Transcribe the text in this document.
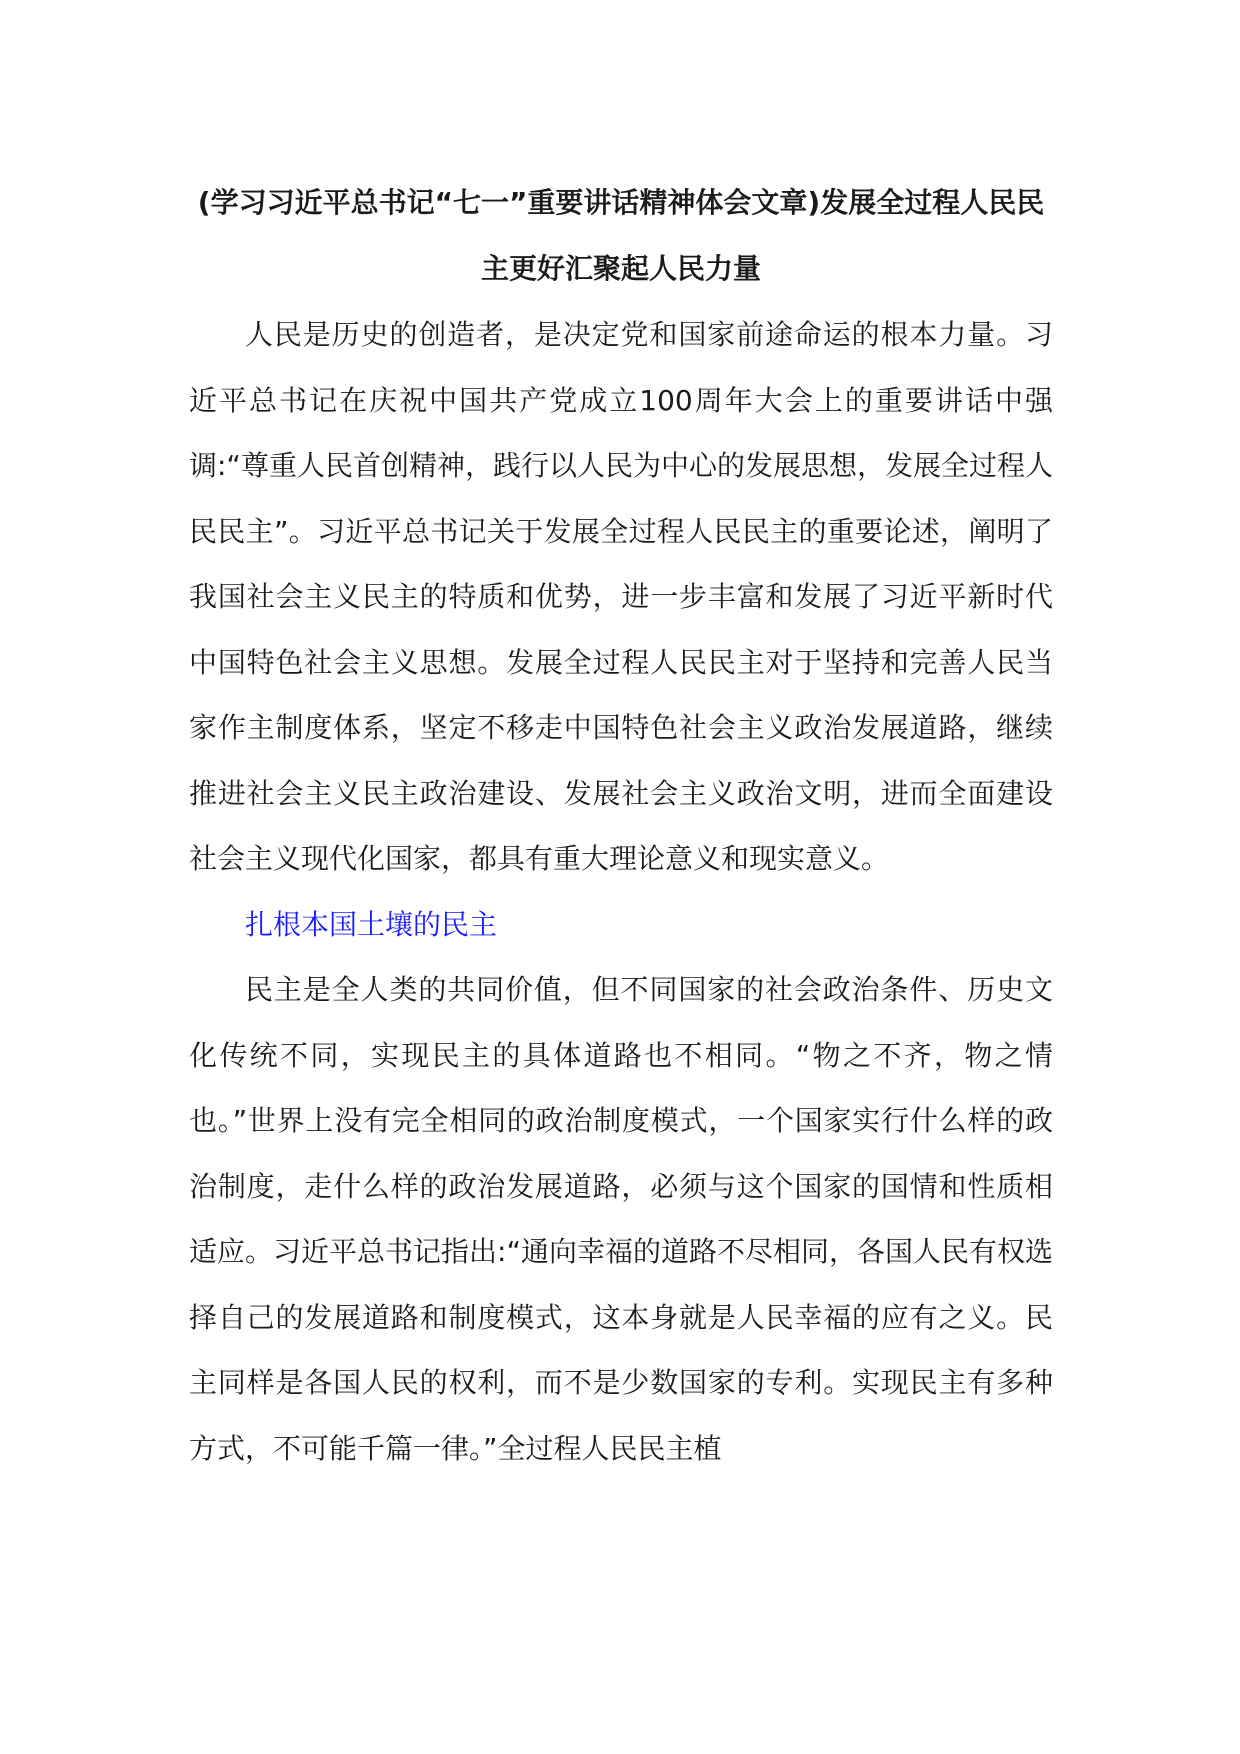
(学习习近平总书记“七一”重要讲话精神体会文章)发展全过程人民民主更好汇聚起人民力量

人民是历史的创造者，是决定党和国家前途命运的根本力量。习近平总书记在庆祝中国共产党成立100周年大会上的重要讲话中强调:“尊重人民首创精神，践行以人民为中心的发展思想，发展全过程人民民主”。习近平总书记关于发展全过程人民民主的重要论述，阐明了我国社会主义民主的特质和优势，进一步丰富和发展了习近平新时代中国特色社会主义思想。发展全过程人民民主对于坚持和完善人民当家作主制度体系，坚定不移走中国特色社会主义政治发展道路，继续推进社会主义民主政治建设、发展社会主义政治文明，进而全面建设社会主义现代化国家，都具有重大理论意义和现实意义。

扎根本国土壤的民主

民主是全人类的共同价值，但不同国家的社会政治条件、历史文化传统不同，实现民主的具体道路也不相同。“物之不齐，物之情也。”世界上没有完全相同的政治制度模式，一个国家实行什么样的政治制度，走什么样的政治发展道路，必须与这个国家的国情和性质相适应。习近平总书记指出:“通向幸福的道路不尽相同，各国人民有权选择自己的发展道路和制度模式，这本身就是人民幸福的应有之义。民主同样是各国人民的权利，而不是少数国家的专利。实现民主有多种方式，不可能千篇一律。”全过程人民民主植
